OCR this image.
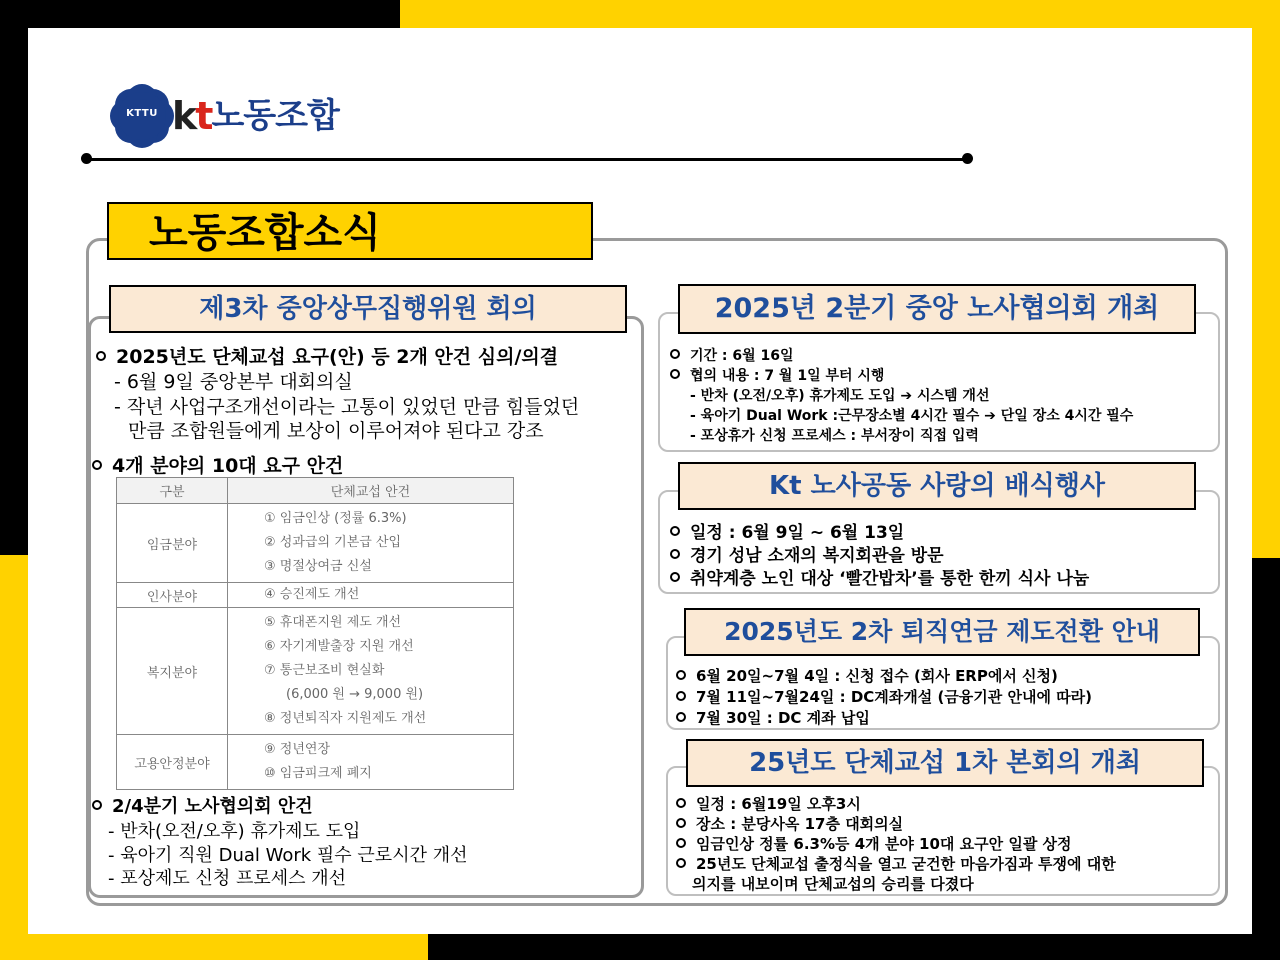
KTTU kt 노동조합
노동조합소식
제3차 중앙상무집행위원 회의
2025년도 단체교섭 요구(안) 등 2개 안건 심의/의결
- 6월 9일 중앙본부 대회의실
- 작년 사업구조개선이라는 고통이 있었던 만큼 힘들었던
만큼 조합원들에게 보상이 이루어져야 된다고 강조
4개 분야의 10대 요구 안건
구분	단체교섭 안건
임금분야	① 임금인상 (정률 6.3%)
② 성과급의 기본급 산입
③ 명절상여금 신설

인사분야	④ 승진제도 개선

복지분야	⑤ 휴대폰지원 제도 개선
⑥ 자기계발출장 지원 개선
⑦ 통근보조비 현실화
(6,000 원 → 9,000 원)
⑧ 정년퇴직자 지원제도 개선

고용안정분야	⑨ 정년연장
⑩ 임금피크제 폐지
2/4분기 노사협의회 안건
- 반차(오전/오후) 휴가제도 도입
- 육아기 직원 Dual Work 필수 근로시간 개선
- 포상제도 신청 프로세스 개선
2025년 2분기 중앙 노사협의회 개최
기간 : 6월 16일
협의 내용 : 7 월 1일 부터 시행
- 반차 (오전/오후) 휴가제도 도입 ➔ 시스템 개선
- 육아기 Dual Work :근무장소별 4시간 필수 ➔ 단일 장소 4시간 필수
- 포상휴가 신청 프로세스 : 부서장이 직접 입력
Kt 노사공동 사랑의 배식행사
일정 : 6월 9일 ~ 6월 13일
경기 성남 소재의 복지회관을 방문
취약계층 노인 대상 ‘빨간밥차’를 통한 한끼 식사 나눔
2025년도 2차 퇴직연금 제도전환 안내
6월 20일~7월 4일 : 신청 접수 (회사 ERP에서 신청)
7월 11일~7월24일 : DC계좌개설 (금융기관 안내에 따라)
7월 30일 : DC 계좌 납입
25년도 단체교섭 1차 본회의 개최
일정 : 6월19일 오후3시
장소 : 분당사옥 17층 대회의실
임금인상 정률 6.3%등 4개 분야 10대 요구안 일괄 상정
25년도 단체교섭 출정식을 열고 굳건한 마음가짐과 투쟁에 대한
의지를 내보이며 단체교섭의 승리를 다졌다
